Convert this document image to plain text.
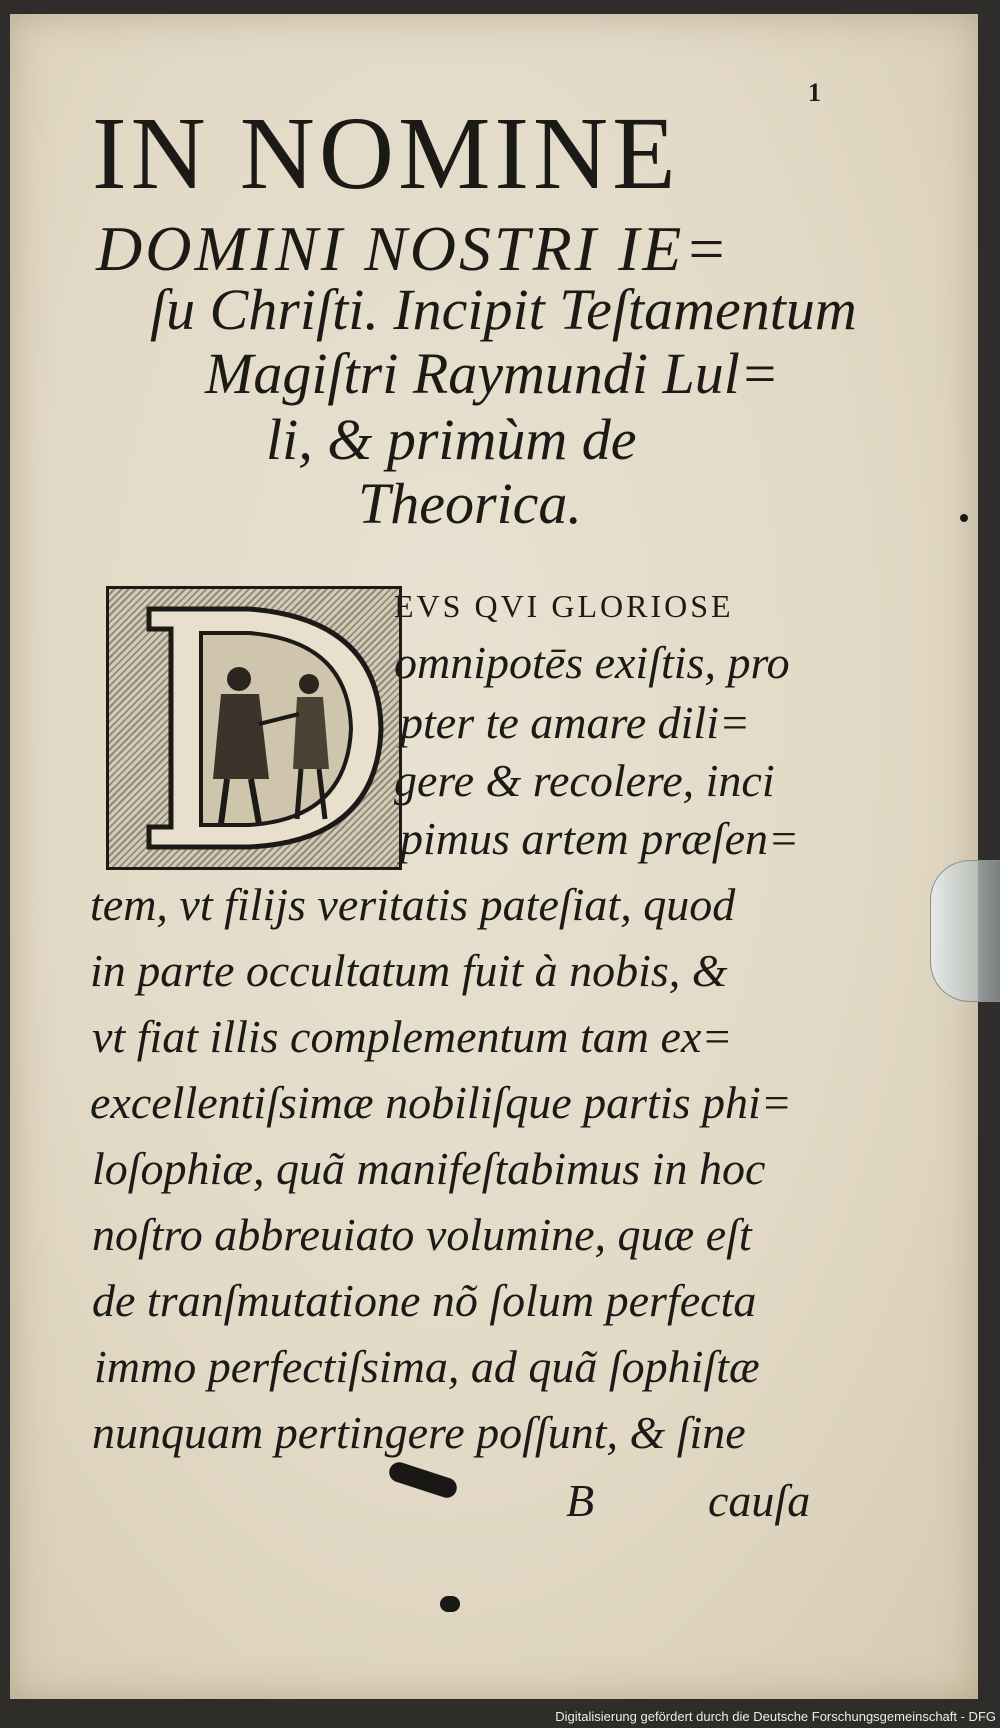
1
IN NOMINE
DOMINI NOSTRI IE=
ſu Chriſti. Incipit Teſtamentum
Magiſtri Raymundi Lul=
li, & primùm de
Theorica.
EVS QVI GLORIOSE
omnipotēs exiſtis, pro
pter te amare dili=
gere & recolere, inci
pimus artem præſen=
tem, vt filijs veritatis pateſiat, quod
in parte occultatum fuit à nobis, &
vt fiat illis complementum tam ex=
excellentiſsimæ nobiliſque partis phi=
loſophiæ, quã manifeſtabimus in hoc
noſtro abbreuiato volumine, quæ eſt
de tranſmutatione nõ ſolum perfecta
immo perfectiſsima, ad quã ſophiſtæ
nunquam pertingere poſſunt, & ſine
B cauſa
Digitalisierung gefördert durch die Deutsche Forschungsgemeinschaft - DFG
